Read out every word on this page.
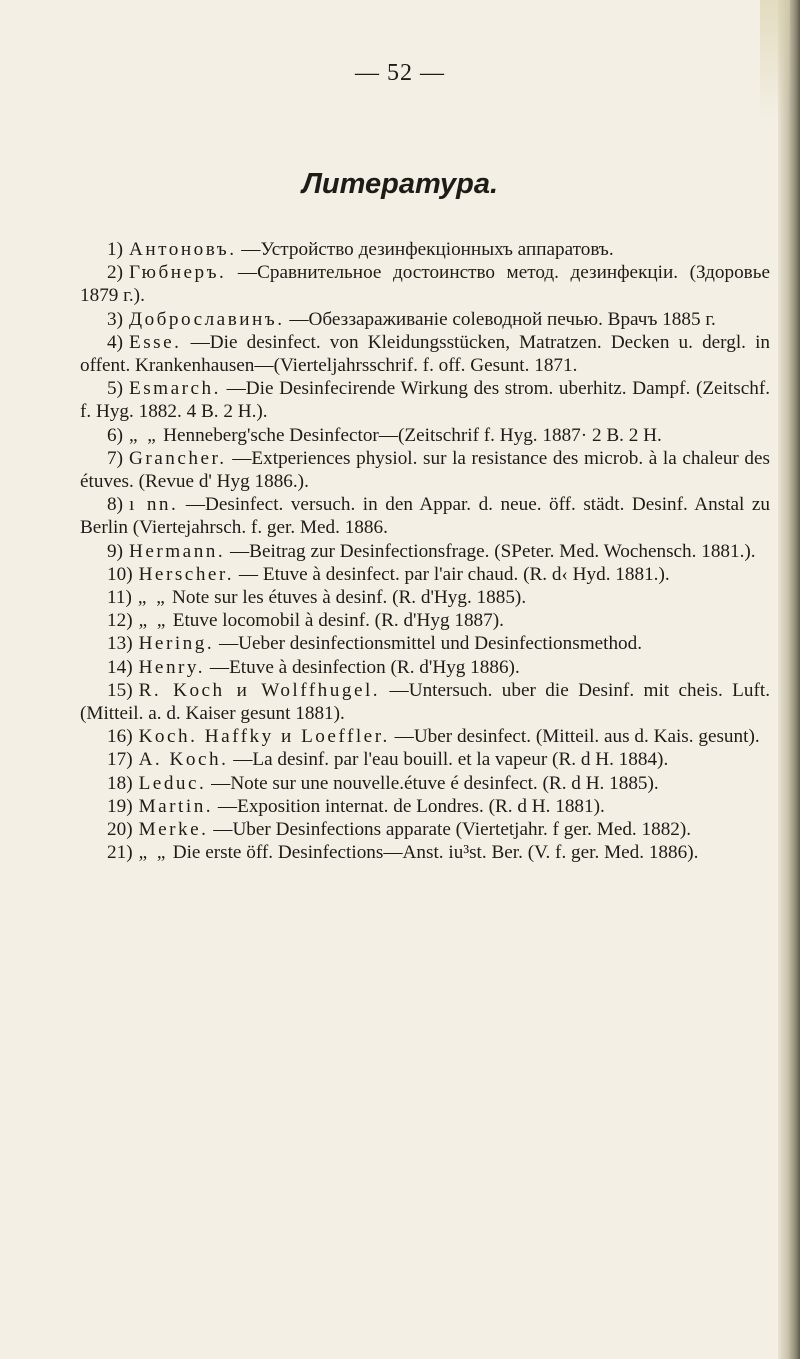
— 52 —
Литература.

1) Антоновъ. —Устройство дезинфекціонныхъ аппаратовъ.

2) Гюбнеръ. —Сравнительное достоинство метод. дезинфекціи. (Здоровье 1879 г.).

3) Доброславинъ. —Обеззараживаніе соleводной печью. Врачъ 1885 г.

4) Esse. —Die desinfect. von Kleidungsstücken, Matratzen. Decken u. dergl. in offent. Krankenhausen—(Vierteljahrsschrif. f. off. Gesunt. 1871.

5) Esmarch. —Die Desinfecirende Wirkung des strom. uberhitz. Dampf. (Zeitschf. f. Hyg. 1882. 4 B. 2 H.).

6) „ „ Henneberg'sche Desinfector—(Zeitschrif f. Hyg. 1887· 2 B. 2 H.

7) Grancher. —Extperiences physiol. sur la resistance des microb. à la chaleur des étuves. (Revue d' Hyg 1886.).

8) ı nn. —Desinfect. versuch. in den Appar. d. neue. öff. städt. Desinf. Anstal zu Berlin (Viertejahrsch. f. ger. Med. 1886.

9) Hermann. —Beitrag zur Desinfectionsfrage. (SPeter. Med. Wochensch. 1881.).

10) Herscher. — Etuve à desinfect. par l'air chaud. (R. d‹ Hyd. 1881.).

11) „ „ Note sur les étuves à desinf. (R. d'Hyg. 1885).

12) „ „ Etuve locomobil à desinf. (R. d'Hyg 1887).

13) Hering. —Ueber desinfectionsmittel und Desinfectionsmethod.

14) Henry. —Etuve à desinfection (R. d'Hyg 1886).

15) R. Koch и Wolffhugel. —Untersuch. uber die Desinf. mit cheis. Luft. (Mitteil. a. d. Kaiser gesunt 1881).

16) Koch. Haffky и Loeffler. —Uber desinfect. (Mitteil. aus d. Kais. gesunt).

17) A. Koch. —La desinf. par l'eau bouill. et la vapeur (R. d H. 1884).

18) Leduc. —Note sur une nouvelle.étuve é desinfect. (R. d H. 1885).

19) Martin. —Exposition internat. de Londres. (R. d H. 1881).

20) Merke. —Uber Desinfections apparate (Viertetjahr. f ger. Med. 1882).

21) „ „ Die erste öff. Desinfections—Anst. iu³st. Ber. (V. f. ger. Med. 1886).
